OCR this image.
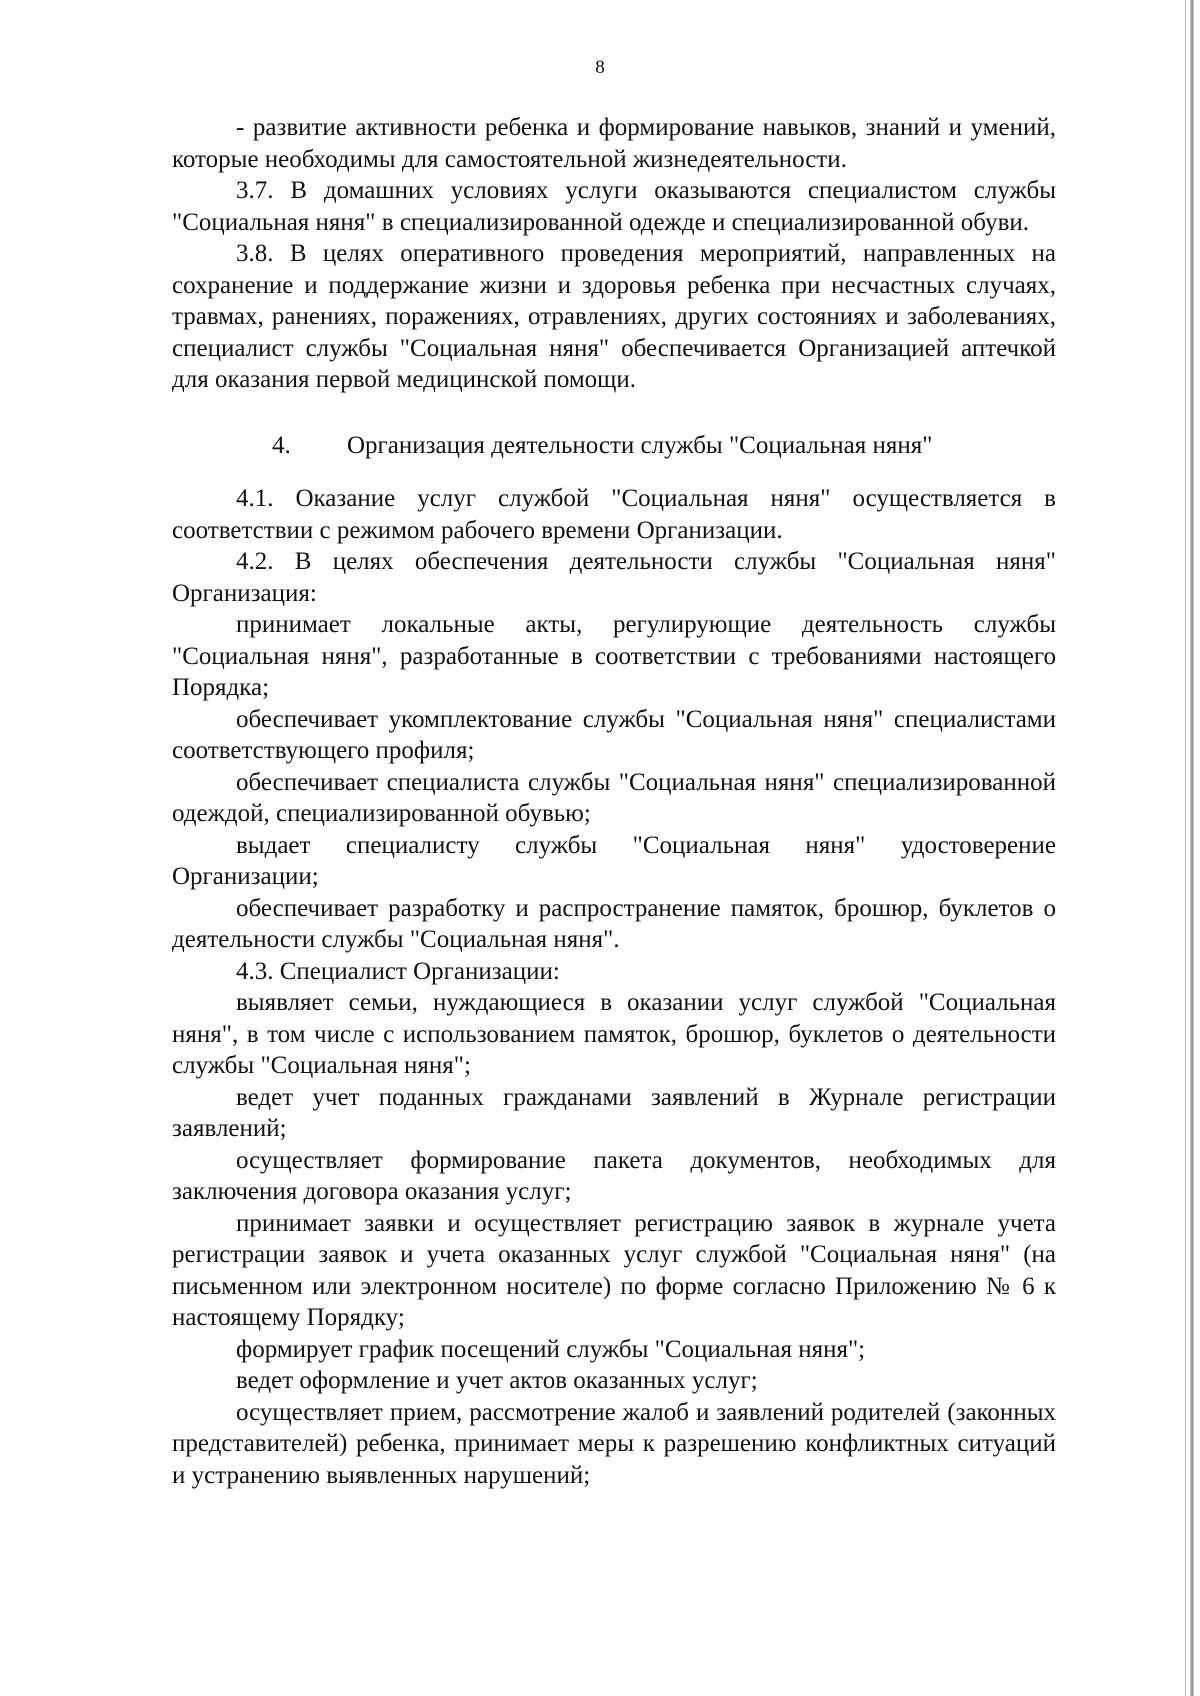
8

- развитие активности ребенка и формирование навыков, знаний и умений, которые необходимы для самостоятельной жизнедеятельности.

3.7. В домашних условиях услуги оказываются специалистом службы "Социальная няня" в специализированной одежде и специализированной обуви.

3.8. В целях оперативного проведения мероприятий, направленных на сохранение и поддержание жизни и здоровья ребенка при несчастных случаях, травмах, ранениях, поражениях, отравлениях, других состояниях и заболеваниях, специалист службы "Социальная няня" обеспечивается Организацией аптечкой для оказания первой медицинской помощи.

4. Организация деятельности службы "Социальная няня"

4.1. Оказание услуг службой "Социальная няня" осуществляется в соответствии с режимом рабочего времени Организации.

4.2. В целях обеспечения деятельности службы "Социальная няня" Организация:

принимает локальные акты, регулирующие деятельность службы "Социальная няня", разработанные в соответствии с требованиями настоящего Порядка;

обеспечивает укомплектование службы "Социальная няня" специалистами соответствующего профиля;

обеспечивает специалиста службы "Социальная няня" специализированной одеждой, специализированной обувью;

выдает специалисту службы "Социальная няня" удостоверение Организации;

обеспечивает разработку и распространение памяток, брошюр, буклетов о деятельности службы "Социальная няня".

4.3. Специалист Организации:

выявляет семьи, нуждающиеся в оказании услуг службой "Социальная няня", в том числе с использованием памяток, брошюр, буклетов о деятельности службы "Социальная няня";

ведет учет поданных гражданами заявлений в Журнале регистрации заявлений;

осуществляет формирование пакета документов, необходимых для заключения договора оказания услуг;

принимает заявки и осуществляет регистрацию заявок в журнале учета регистрации заявок и учета оказанных услуг службой "Социальная няня" (на письменном или электронном носителе) по форме согласно Приложению № 6 к настоящему Порядку;

формирует график посещений службы "Социальная няня";

ведет оформление и учет актов оказанных услуг;

осуществляет прием, рассмотрение жалоб и заявлений родителей (законных представителей) ребенка, принимает меры к разрешению конфликтных ситуаций и устранению выявленных нарушений;
